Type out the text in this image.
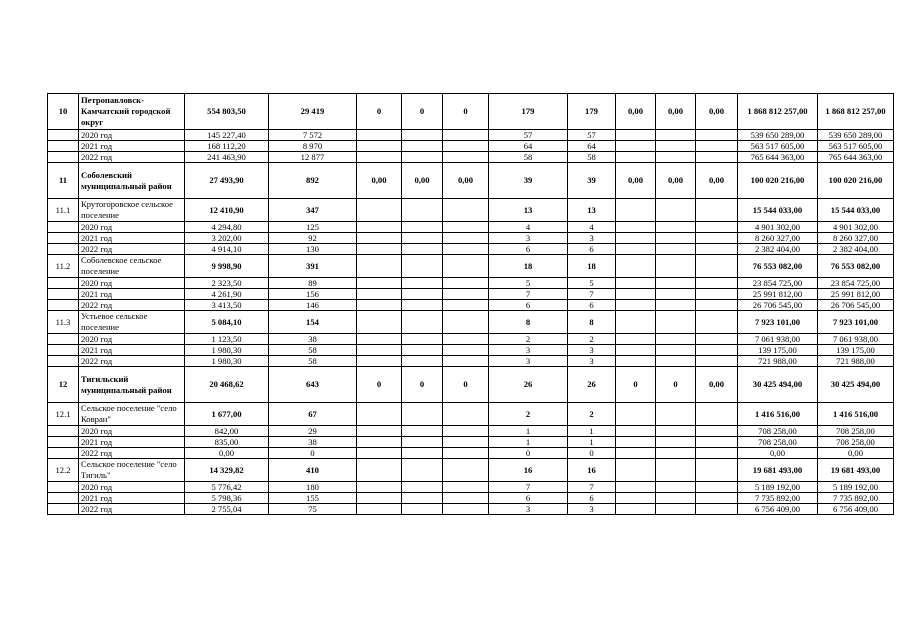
10	Петропавловск-Камчатский городской округ	554 803,50	29 419	0	0	0	179	179	0,00	0,00	0,00	1 868 812 257,00	1 868 812 257,00
	2020 год	145 227,40	7 572				57	57				539 650 289,00	539 650 289,00
	2021 год	168 112,20	8 970				64	64				563 517 605,00	563 517 605,00
	2022 год	241 463,90	12 877				58	58				765 644 363,00	765 644 363,00
11	Соболевский муниципальный район	27 493,90	892	0,00	0,00	0,00	39	39	0,00	0,00	0,00	100 020 216,00	100 020 216,00
11.1	Крутогоровское сельское поселение	12 410,90	347				13	13				15 544 033,00	15 544 033,00
	2020 год	4 294,80	125				4	4				4 901 302,00	4 901 302,00
	2021 год	3 202,00	92				3	3				8 260 327,00	8 260 327,00
	2022 год	4 914,10	130				6	6				2 382 404,00	2 382 404,00
11.2	Соболевское сельское поселение	9 998,90	391				18	18				76 553 082,00	76 553 082,00
	2020 год	2 323,50	89				5	5				23 854 725,00	23 854 725,00
	2021 год	4 261,90	156				7	7				25 991 812,00	25 991 812,00
	2022 год	3 413,50	146				6	6				26 706 545,00	26 706 545,00
11.3	Устьевое сельское поселение	5 084,10	154				8	8				7 923 101,00	7 923 101,00
	2020 год	1 123,50	38				2	2				7 061 938,00	7 061 938,00
	2021 год	1 980,30	58				3	3				139 175,00	139 175,00
	2022 год	1 980,30	58				3	3				721 988,00	721 988,00
12	Тигильский муниципальный район	20 468,62	643	0	0	0	26	26	0	0	0,00	30 425 494,00	30 425 494,00
12.1	Сельское поселение "село Ковран"	1 677,00	67				2	2				1 416 516,00	1 416 516,00
	2020 год	842,00	29				1	1				708 258,00	708 258,00
	2021 год	835,00	38				1	1				708 258,00	708 258,00
	2022 год	0,00	0				0	0				0,00	0,00
12.2	Сельское поселение "село Тигиль"	14 329,82	410				16	16				19 681 493,00	19 681 493,00
	2020 год	5 776,42	180				7	7				5 189 192,00	5 189 192,00
	2021 год	5 798,36	155				6	6				7 735 892,00	7 735 892,00
	2022 год	2 755,04	75				3	3				6 756 409,00	6 756 409,00
